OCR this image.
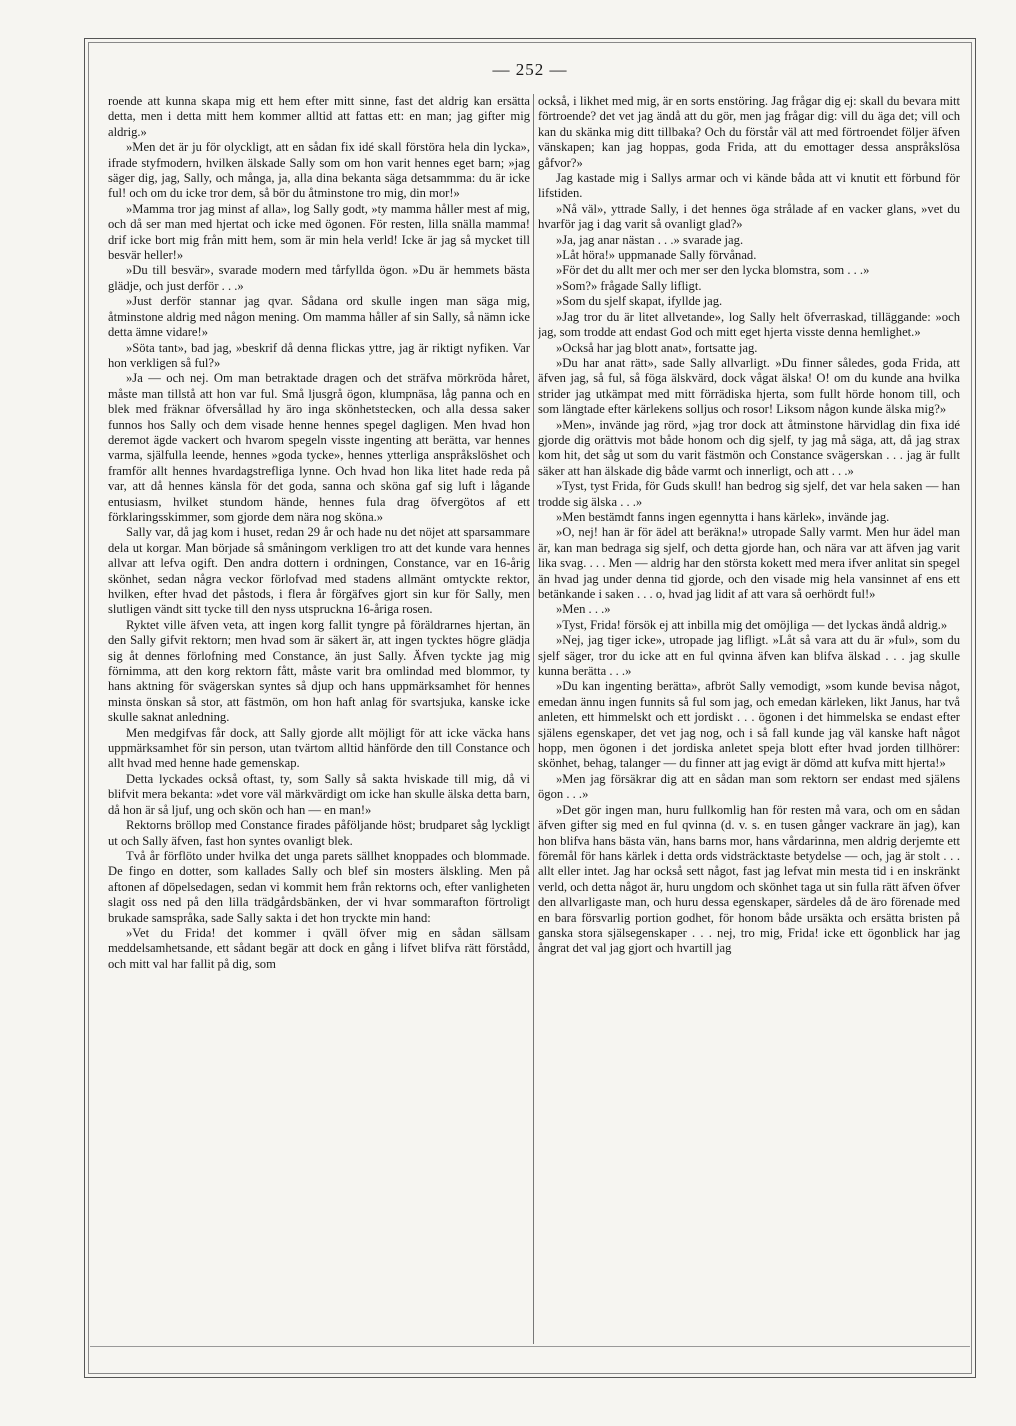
— 252 —

roende att kunna skapa mig ett hem efter mitt sinne, fast det aldrig kan ersätta detta, men i detta mitt hem kommer alltid att fattas ett: en man; jag gifter mig aldrig.»

»Men det är ju för olyckligt, att en sådan fix idé skall förstöra hela din lycka», ifrade styfmodern, hvilken älskade Sally som om hon varit hennes eget barn; »jag säger dig, jag, Sally, och många, ja, alla dina bekanta säga detsammma: du är icke ful! och om du icke tror dem, så bör du åtminstone tro mig, din mor!»

»Mamma tror jag minst af alla», log Sally godt, »ty mamma håller mest af mig, och då ser man med hjertat och icke med ögonen. För resten, lilla snälla mamma! drif icke bort mig från mitt hem, som är min hela verld! Icke är jag så mycket till besvär heller!»

»Du till besvär», svarade modern med tårfyllda ögon. »Du är hemmets bästa glädje, och just derför . . .»

»Just derför stannar jag qvar. Sådana ord skulle ingen man säga mig, åtminstone aldrig med någon mening. Om mamma håller af sin Sally, så nämn icke detta ämne vidare!»

»Söta tant», bad jag, »beskrif då denna flickas yttre, jag är riktigt nyfiken. Var hon verkligen så ful?»

»Ja — och nej. Om man betraktade dragen och det sträfva mörkröda håret, måste man tillstå att hon var ful. Små ljusgrå ögon, klumpnäsa, låg panna och en blek med fräknar öfversållad hy äro inga skönhetstecken, och alla dessa saker funnos hos Sally och dem visade henne hennes spegel dagligen. Men hvad hon deremot ägde vackert och hvarom spegeln visste ingenting att berätta, var hennes varma, själfulla leende, hennes »goda tycke», hennes ytterliga anspråkslöshet och framför allt hennes hvardagstrefliga lynne. Och hvad hon lika litet hade reda på var, att då hennes känsla för det goda, sanna och sköna gaf sig luft i lågande entusiasm, hvilket stundom hände, hennes fula drag öfvergötos af ett förklaringsskimmer, som gjorde dem nära nog sköna.»

Sally var, då jag kom i huset, redan 29 år och hade nu det nöjet att sparsammare dela ut korgar. Man började så småningom verkligen tro att det kunde vara hennes allvar att lefva ogift. Den andra dottern i ordningen, Constance, var en 16-årig skönhet, sedan några veckor förlofvad med stadens allmänt omtyckte rektor, hvilken, efter hvad det påstods, i flera år förgäfves gjort sin kur för Sally, men slutligen vändt sitt tycke till den nyss utspruckna 16-åriga rosen.

Ryktet ville äfven veta, att ingen korg fallit tyngre på föräldrarnes hjertan, än den Sally gifvit rektorn; men hvad som är säkert är, att ingen tycktes högre glädja sig åt dennes förlofning med Constance, än just Sally. Äfven tyckte jag mig förnimma, att den korg rektorn fått, måste varit bra omlindad med blommor, ty hans aktning för svägerskan syntes så djup och hans uppmärksamhet för hennes minsta önskan så stor, att fästmön, om hon haft anlag för svartsjuka, kanske icke skulle saknat anledning.

Men medgifvas får dock, att Sally gjorde allt möjligt för att icke väcka hans uppmärksamhet för sin person, utan tvärtom alltid hänförde den till Constance och allt hvad med henne hade gemenskap.

Detta lyckades också oftast, ty, som Sally så sakta hviskade till mig, då vi blifvit mera bekanta: »det vore väl märkvärdigt om icke han skulle älska detta barn, då hon är så ljuf, ung och skön och han — en man!»

Rektorns bröllop med Constance firades påföljande höst; brudparet såg lyckligt ut och Sally äfven, fast hon syntes ovanligt blek.

Två år förflöto under hvilka det unga parets sällhet knoppades och blommade. De fingo en dotter, som kallades Sally och blef sin mosters älskling. Men på aftonen af döpelsedagen, sedan vi kommit hem från rektorns och, efter vanligheten slagit oss ned på den lilla trädgårdsbänken, der vi hvar sommarafton förtroligt brukade samspråka, sade Sally sakta i det hon tryckte min hand:

»Vet du Frida! det kommer i qväll öfver mig en sådan sällsam meddelsamhetsande, ett sådant begär att dock en gång i lifvet blifva rätt förstådd, och mitt val har fallit på dig, som

också, i likhet med mig, är en sorts enstöring. Jag frågar dig ej: skall du bevara mitt förtroende? det vet jag ändå att du gör, men jag frågar dig: vill du äga det; vill och kan du skänka mig ditt tillbaka? Och du förstår väl att med förtroendet följer äfven vänskapen; kan jag hoppas, goda Frida, att du emottager dessa anspråkslösa gåfvor?»

Jag kastade mig i Sallys armar och vi kände båda att vi knutit ett förbund för lifstiden.

»Nå väl», yttrade Sally, i det hennes öga strålade af en vacker glans, »vet du hvarför jag i dag varit så ovanligt glad?»

»Ja, jag anar nästan . . .» svarade jag.

»Låt höra!» uppmanade Sally förvånad.

»För det du allt mer och mer ser den lycka blomstra, som . . .»

»Som?» frågade Sally lifligt.

»Som du sjelf skapat, ifyllde jag.

»Jag tror du är litet allvetande», log Sally helt öfverraskad, tilläggande: »och jag, som trodde att endast God och mitt eget hjerta visste denna hemlighet.»

»Också har jag blott anat», fortsatte jag.

»Du har anat rätt», sade Sally allvarligt. »Du finner således, goda Frida, att äfven jag, så ful, så föga älskvärd, dock vågat älska! O! om du kunde ana hvilka strider jag utkämpat med mitt förrädiska hjerta, som fullt hörde honom till, och som längtade efter kärlekens solljus och rosor! Liksom någon kunde älska mig?»

»Men», invände jag rörd, »jag tror dock att åtminstone härvidlag din fixa idé gjorde dig orättvis mot både honom och dig sjelf, ty jag må säga, att, då jag strax kom hit, det såg ut som du varit fästmön och Constance svägerskan . . . jag är fullt säker att han älskade dig både varmt och innerligt, och att . . .»

»Tyst, tyst Frida, för Guds skull! han bedrog sig sjelf, det var hela saken — han trodde sig älska . . .»

»Men bestämdt fanns ingen egennytta i hans kärlek», invände jag.

»O, nej! han är för ädel att beräkna!» utropade Sally varmt. Men hur ädel man är, kan man bedraga sig sjelf, och detta gjorde han, och nära var att äfven jag varit lika svag. . . . Men — aldrig har den största kokett med mera ifver anlitat sin spegel än hvad jag under denna tid gjorde, och den visade mig hela vansinnet af ens ett betänkande i saken . . . o, hvad jag lidit af att vara så oerhördt ful!»

»Men . . .»

»Tyst, Frida! försök ej att inbilla mig det omöjliga — det lyckas ändå aldrig.»

»Nej, jag tiger icke», utropade jag lifligt. »Låt så vara att du är »ful», som du sjelf säger, tror du icke att en ful qvinna äfven kan blifva älskad . . . jag skulle kunna berätta . . .»

»Du kan ingenting berätta», afbröt Sally vemodigt, »som kunde bevisa något, emedan ännu ingen funnits så ful som jag, och emedan kärleken, likt Janus, har två anleten, ett himmelskt och ett jordiskt . . . ögonen i det himmelska se endast efter själens egenskaper, det vet jag nog, och i så fall kunde jag väl kanske haft något hopp, men ögonen i det jordiska anletet speja blott efter hvad jorden tillhörer: skönhet, behag, talanger — du finner att jag evigt är dömd att kufva mitt hjerta!»

»Men jag försäkrar dig att en sådan man som rektorn ser endast med själens ögon . . .»

»Det gör ingen man, huru fullkomlig han för resten må vara, och om en sådan äfven gifter sig med en ful qvinna (d. v. s. en tusen gånger vackrare än jag), kan hon blifva hans bästa vän, hans barns mor, hans vårdarinna, men aldrig derjemte ett föremål för hans kärlek i detta ords vidsträcktaste betydelse — och, jag är stolt . . . allt eller intet. Jag har också sett något, fast jag lefvat min mesta tid i en inskränkt verld, och detta något är, huru ungdom och skönhet taga ut sin fulla rätt äfven öfver den allvarligaste man, och huru dessa egenskaper, särdeles då de äro förenade med en bara försvarlig portion godhet, för honom både ursäkta och ersätta bristen på ganska stora själsegenskaper . . . nej, tro mig, Frida! icke ett ögonblick har jag ångrat det val jag gjort och hvartill jag
